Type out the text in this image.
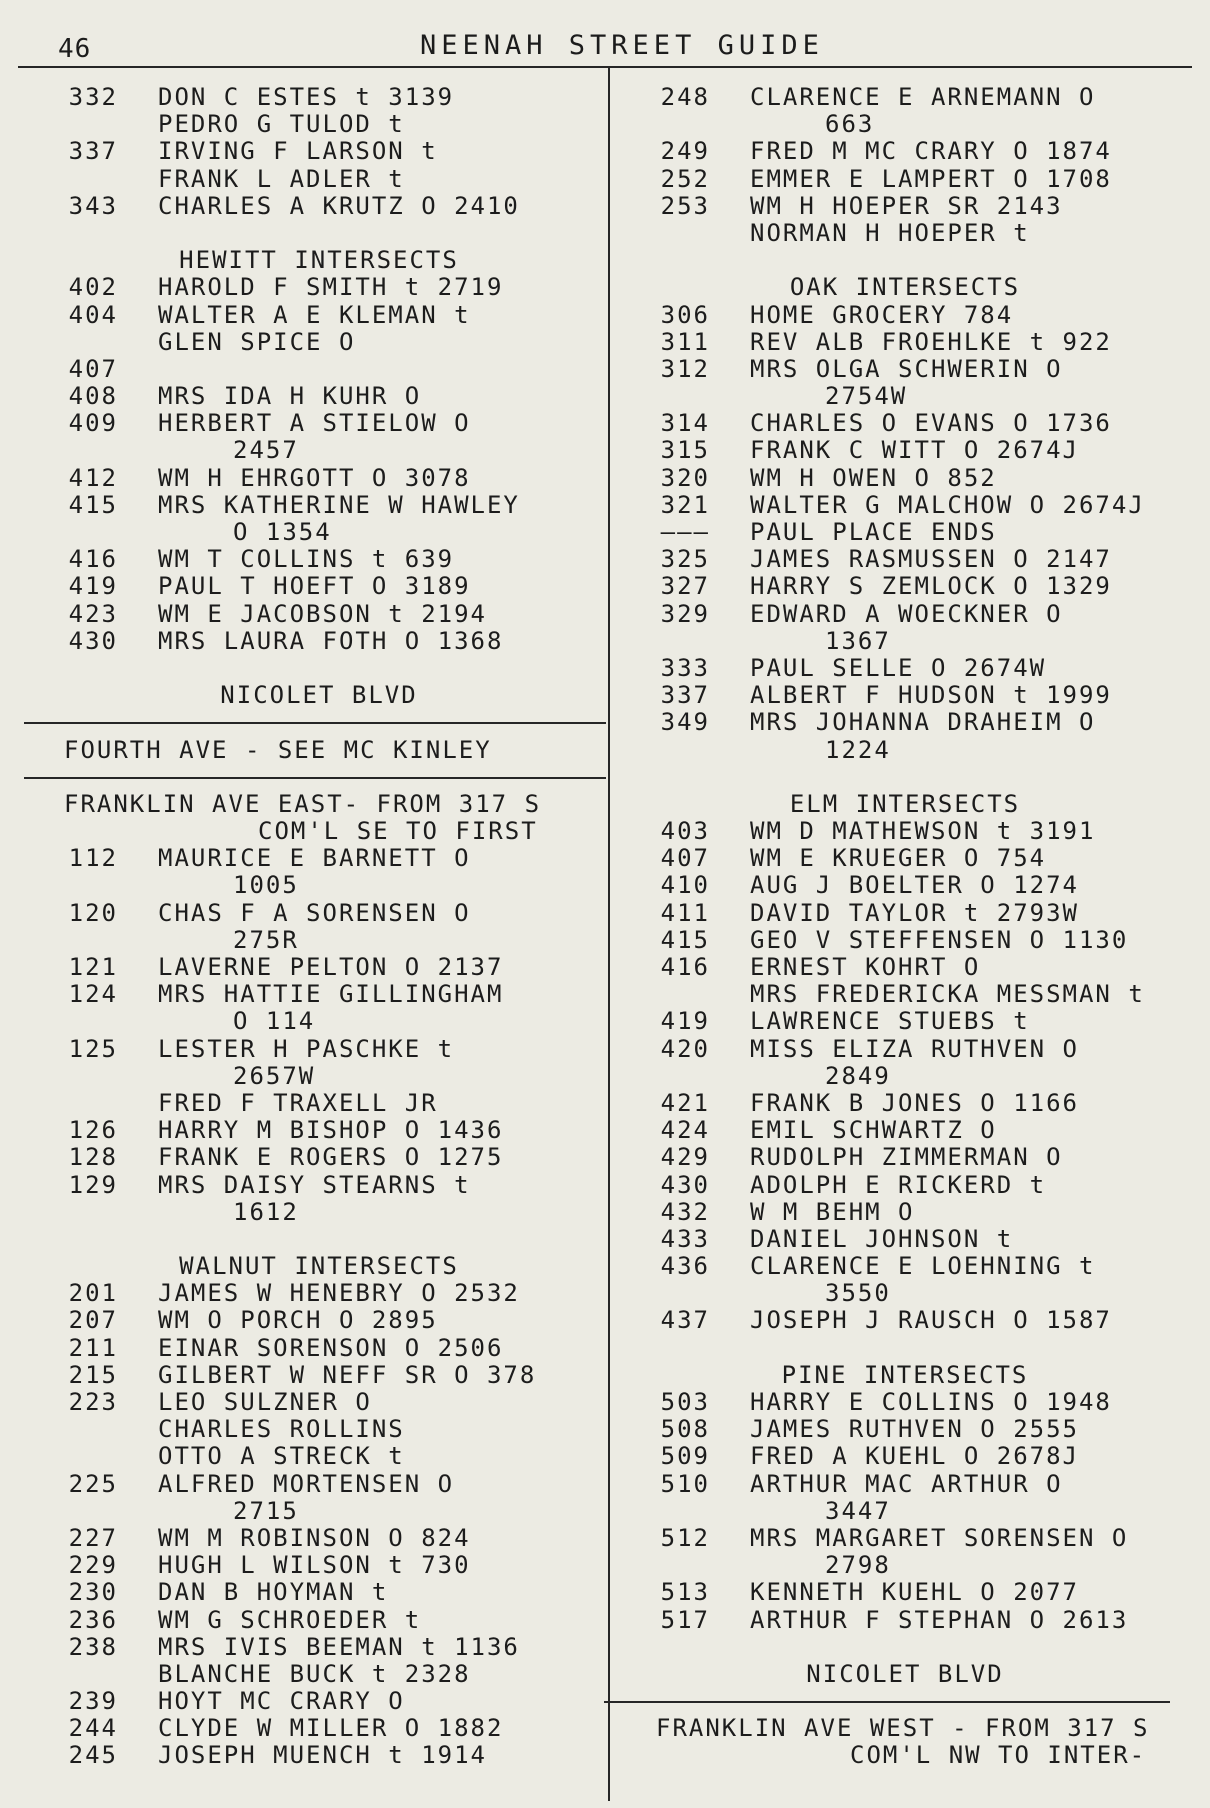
46	NEENAH STREET GUIDE
332 DON C ESTES t 3139
PEDRO G TULOD t
337 IRVING F LARSON t
FRANK L ADLER t
343 CHARLES A KRUTZ O 2410
HEWITT INTERSECTS
402 HAROLD F SMITH t 2719
404 WALTER A E KLEMAN t
GLEN SPICE O
407
408 MRS IDA H KUHR O
409 HERBERT A STIELOW O
2457
412 WM H EHRGOTT O 3078
415 MRS KATHERINE W HAWLEY
O 1354
416 WM T COLLINS t 639
419 PAUL T HOEFT O 3189
423 WM E JACOBSON t 2194
430 MRS LAURA FOTH O 1368
NICOLET BLVD
FOURTH AVE - SEE MC KINLEY
FRANKLIN AVE EAST- FROM 317 S
COM'L SE TO FIRST
112 MAURICE E BARNETT O
1005
120 CHAS F A SORENSEN O
275R
121 LAVERNE PELTON O 2137
124 MRS HATTIE GILLINGHAM
O 114
125 LESTER H PASCHKE t
2657W
FRED F TRAXELL JR
126 HARRY M BISHOP O 1436
128 FRANK E ROGERS O 1275
129 MRS DAISY STEARNS t
1612
WALNUT INTERSECTS
201 JAMES W HENEBRY O 2532
207 WM O PORCH O 2895
211 EINAR SORENSON O 2506
215 GILBERT W NEFF SR O 378
223 LEO SULZNER O
CHARLES ROLLINS
OTTO A STRECK t
225 ALFRED MORTENSEN O
2715
227 WM M ROBINSON O 824
229 HUGH L WILSON t 730
230 DAN B HOYMAN t
236 WM G SCHROEDER t
238 MRS IVIS BEEMAN t 1136
BLANCHE BUCK t 2328
239 HOYT MC CRARY O
244 CLYDE W MILLER O 1882
245 JOSEPH MUENCH t 1914
248 CLARENCE E ARNEMANN O
663
249 FRED M MC CRARY O 1874
252 EMMER E LAMPERT O 1708
253 WM H HOEPER SR 2143
NORMAN H HOEPER t
OAK INTERSECTS
306 HOME GROCERY 784
311 REV ALB FROEHLKE t 922
312 MRS OLGA SCHWERIN O
2754W
314 CHARLES O EVANS O 1736
315 FRANK C WITT O 2674J
320 WM H OWEN O 852
321 WALTER G MALCHOW O 2674J
——— PAUL PLACE ENDS
325 JAMES RASMUSSEN O 2147
327 HARRY S ZEMLOCK O 1329
329 EDWARD A WOECKNER O
1367
333 PAUL SELLE O 2674W
337 ALBERT F HUDSON t 1999
349 MRS JOHANNA DRAHEIM O
1224
ELM INTERSECTS
403 WM D MATHEWSON t 3191
407 WM E KRUEGER O 754
410 AUG J BOELTER O 1274
411 DAVID TAYLOR t 2793W
415 GEO V STEFFENSEN O 1130
416 ERNEST KOHRT O
MRS FREDERICKA MESSMAN t
419 LAWRENCE STUEBS t
420 MISS ELIZA RUTHVEN O
2849
421 FRANK B JONES O 1166
424 EMIL SCHWARTZ O
429 RUDOLPH ZIMMERMAN O
430 ADOLPH E RICKERD t
432 W M BEHM O
433 DANIEL JOHNSON t
436 CLARENCE E LOEHNING t
3550
437 JOSEPH J RAUSCH O 1587
PINE INTERSECTS
503 HARRY E COLLINS O 1948
508 JAMES RUTHVEN O 2555
509 FRED A KUEHL O 2678J
510 ARTHUR MAC ARTHUR O
3447
512 MRS MARGARET SORENSEN O
2798
513 KENNETH KUEHL O 2077
517 ARTHUR F STEPHAN O 2613
NICOLET BLVD
FRANKLIN AVE WEST - FROM 317 S
COM'L NW TO INTER-
